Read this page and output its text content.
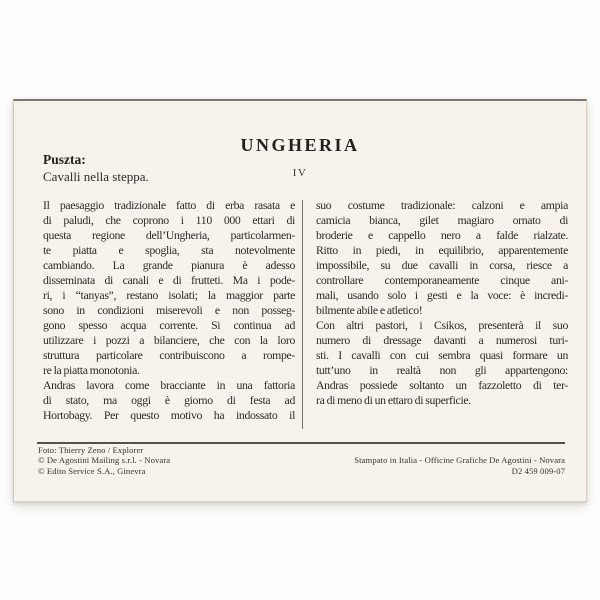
UNGHERIA
IV
Puszta:
Cavalli nella steppa.
Il paesaggio tradizionale fatto di erba rasata e
di paludi, che coprono i 110 000 ettari di
questa regione dell’Ungheria, particolarmen-
te piatta e spoglia, sta notevolmente
cambiando. La grande pianura è adesso
disseminata di canali e di frutteti. Ma i pode-
ri, i “tanyas”, restano isolati; la maggior parte
sono in condizioni miserevoli e non posseg-
gono spesso acqua corrente. Si continua ad
utilizzare i pozzi a bilanciere, che con la loro
struttura particolare contribuiscono a rompe-
re la piatta monotonia.
Andras lavora come bracciante in una fattoria
di stato, ma oggi è giorno di festa ad
Hortobagy. Per questo motivo ha indossato il
suo costume tradizionale: calzoni e ampia
camicia bianca, gilet magiaro ornato di
broderie e cappello nero a falde rialzate.
Ritto in piedi, in equilibrio, apparentemente
impossibile, su due cavalli in corsa, riesce a
controllare contemporaneamente cinque ani-
mali, usando solo i gesti e la voce: è incredi-
bilmente abile e atletico!
Con altri pastori, i Csikos, presenterà il suo
numero di dressage davanti a numerosi turi-
sti. I cavalli con cui sembra quasi formare un
tutt’uno in realtà non gli appartengono:
Andras possiede soltanto un fazzoletto di ter-
ra di meno di un ettaro di superficie.
Foto: Thierry Zeno / Explorer
© De Agostini Mailing s.r.l. - Novara
© Edito Service S.A., Ginevra
Stampato in Italia - Officine Grafiche De Agostini - Novara
D2 459 009-07
